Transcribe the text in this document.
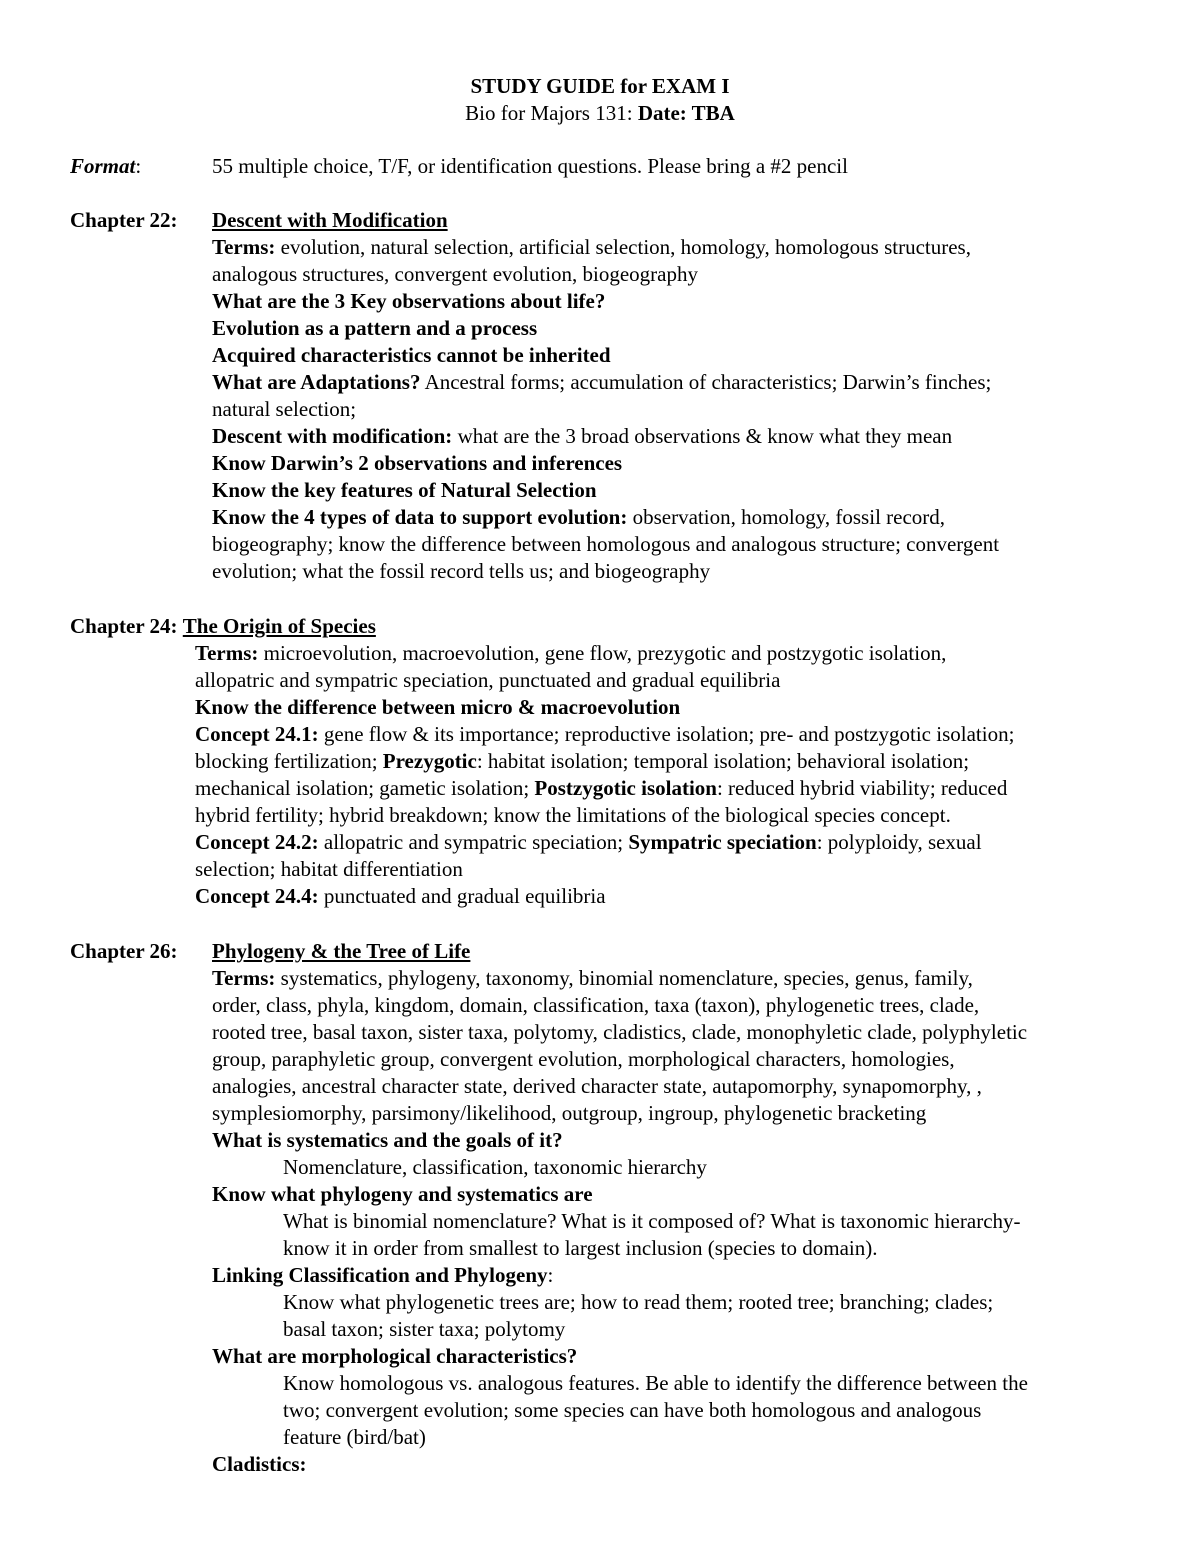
STUDY GUIDE for EXAM I
Bio for Majors 131: Date: TBA
Format:	55 multiple choice, T/F, or identification questions. Please bring a #2 pencil
Chapter 22: Descent with Modification
Terms: evolution, natural selection, artificial selection, homology, homologous structures,
analogous structures, convergent evolution, biogeography
What are the 3 Key observations about life?
Evolution as a pattern and a process
Acquired characteristics cannot be inherited
What are Adaptations? Ancestral forms; accumulation of characteristics; Darwin’s finches;
natural selection;
Descent with modification: what are the 3 broad observations & know what they mean
Know Darwin’s 2 observations and inferences
Know the key features of Natural Selection
Know the 4 types of data to support evolution: observation, homology, fossil record,
biogeography; know the difference between homologous and analogous structure; convergent
evolution; what the fossil record tells us; and biogeography
Chapter 24: The Origin of Species
Terms: microevolution, macroevolution, gene flow, prezygotic and postzygotic isolation,
allopatric and sympatric speciation, punctuated and gradual equilibria
Know the difference between micro & macroevolution
Concept 24.1: gene flow & its importance; reproductive isolation; pre- and postzygotic isolation;
blocking fertilization; Prezygotic: habitat isolation; temporal isolation; behavioral isolation;
mechanical isolation; gametic isolation; Postzygotic isolation: reduced hybrid viability; reduced
hybrid fertility; hybrid breakdown; know the limitations of the biological species concept.
Concept 24.2: allopatric and sympatric speciation; Sympatric speciation: polyploidy, sexual
selection; habitat differentiation
Concept 24.4: punctuated and gradual equilibria
Chapter 26: Phylogeny & the Tree of Life
Terms: systematics, phylogeny, taxonomy, binomial nomenclature, species, genus, family,
order, class, phyla, kingdom, domain, classification, taxa (taxon), phylogenetic trees, clade,
rooted tree, basal taxon, sister taxa, polytomy, cladistics, clade, monophyletic clade, polyphyletic
group, paraphyletic group, convergent evolution, morphological characters, homologies,
analogies, ancestral character state, derived character state, autapomorphy, synapomorphy, ,
symplesiomorphy, parsimony/likelihood, outgroup, ingroup, phylogenetic bracketing
What is systematics and the goals of it?
Nomenclature, classification, taxonomic hierarchy
Know what phylogeny and systematics are
What is binomial nomenclature? What is it composed of? What is taxonomic hierarchy-
know it in order from smallest to largest inclusion (species to domain).
Linking Classification and Phylogeny:
Know what phylogenetic trees are; how to read them; rooted tree; branching; clades;
basal taxon; sister taxa; polytomy
What are morphological characteristics?
Know homologous vs. analogous features. Be able to identify the difference between the
two; convergent evolution; some species can have both homologous and analogous
feature (bird/bat)
Cladistics:
